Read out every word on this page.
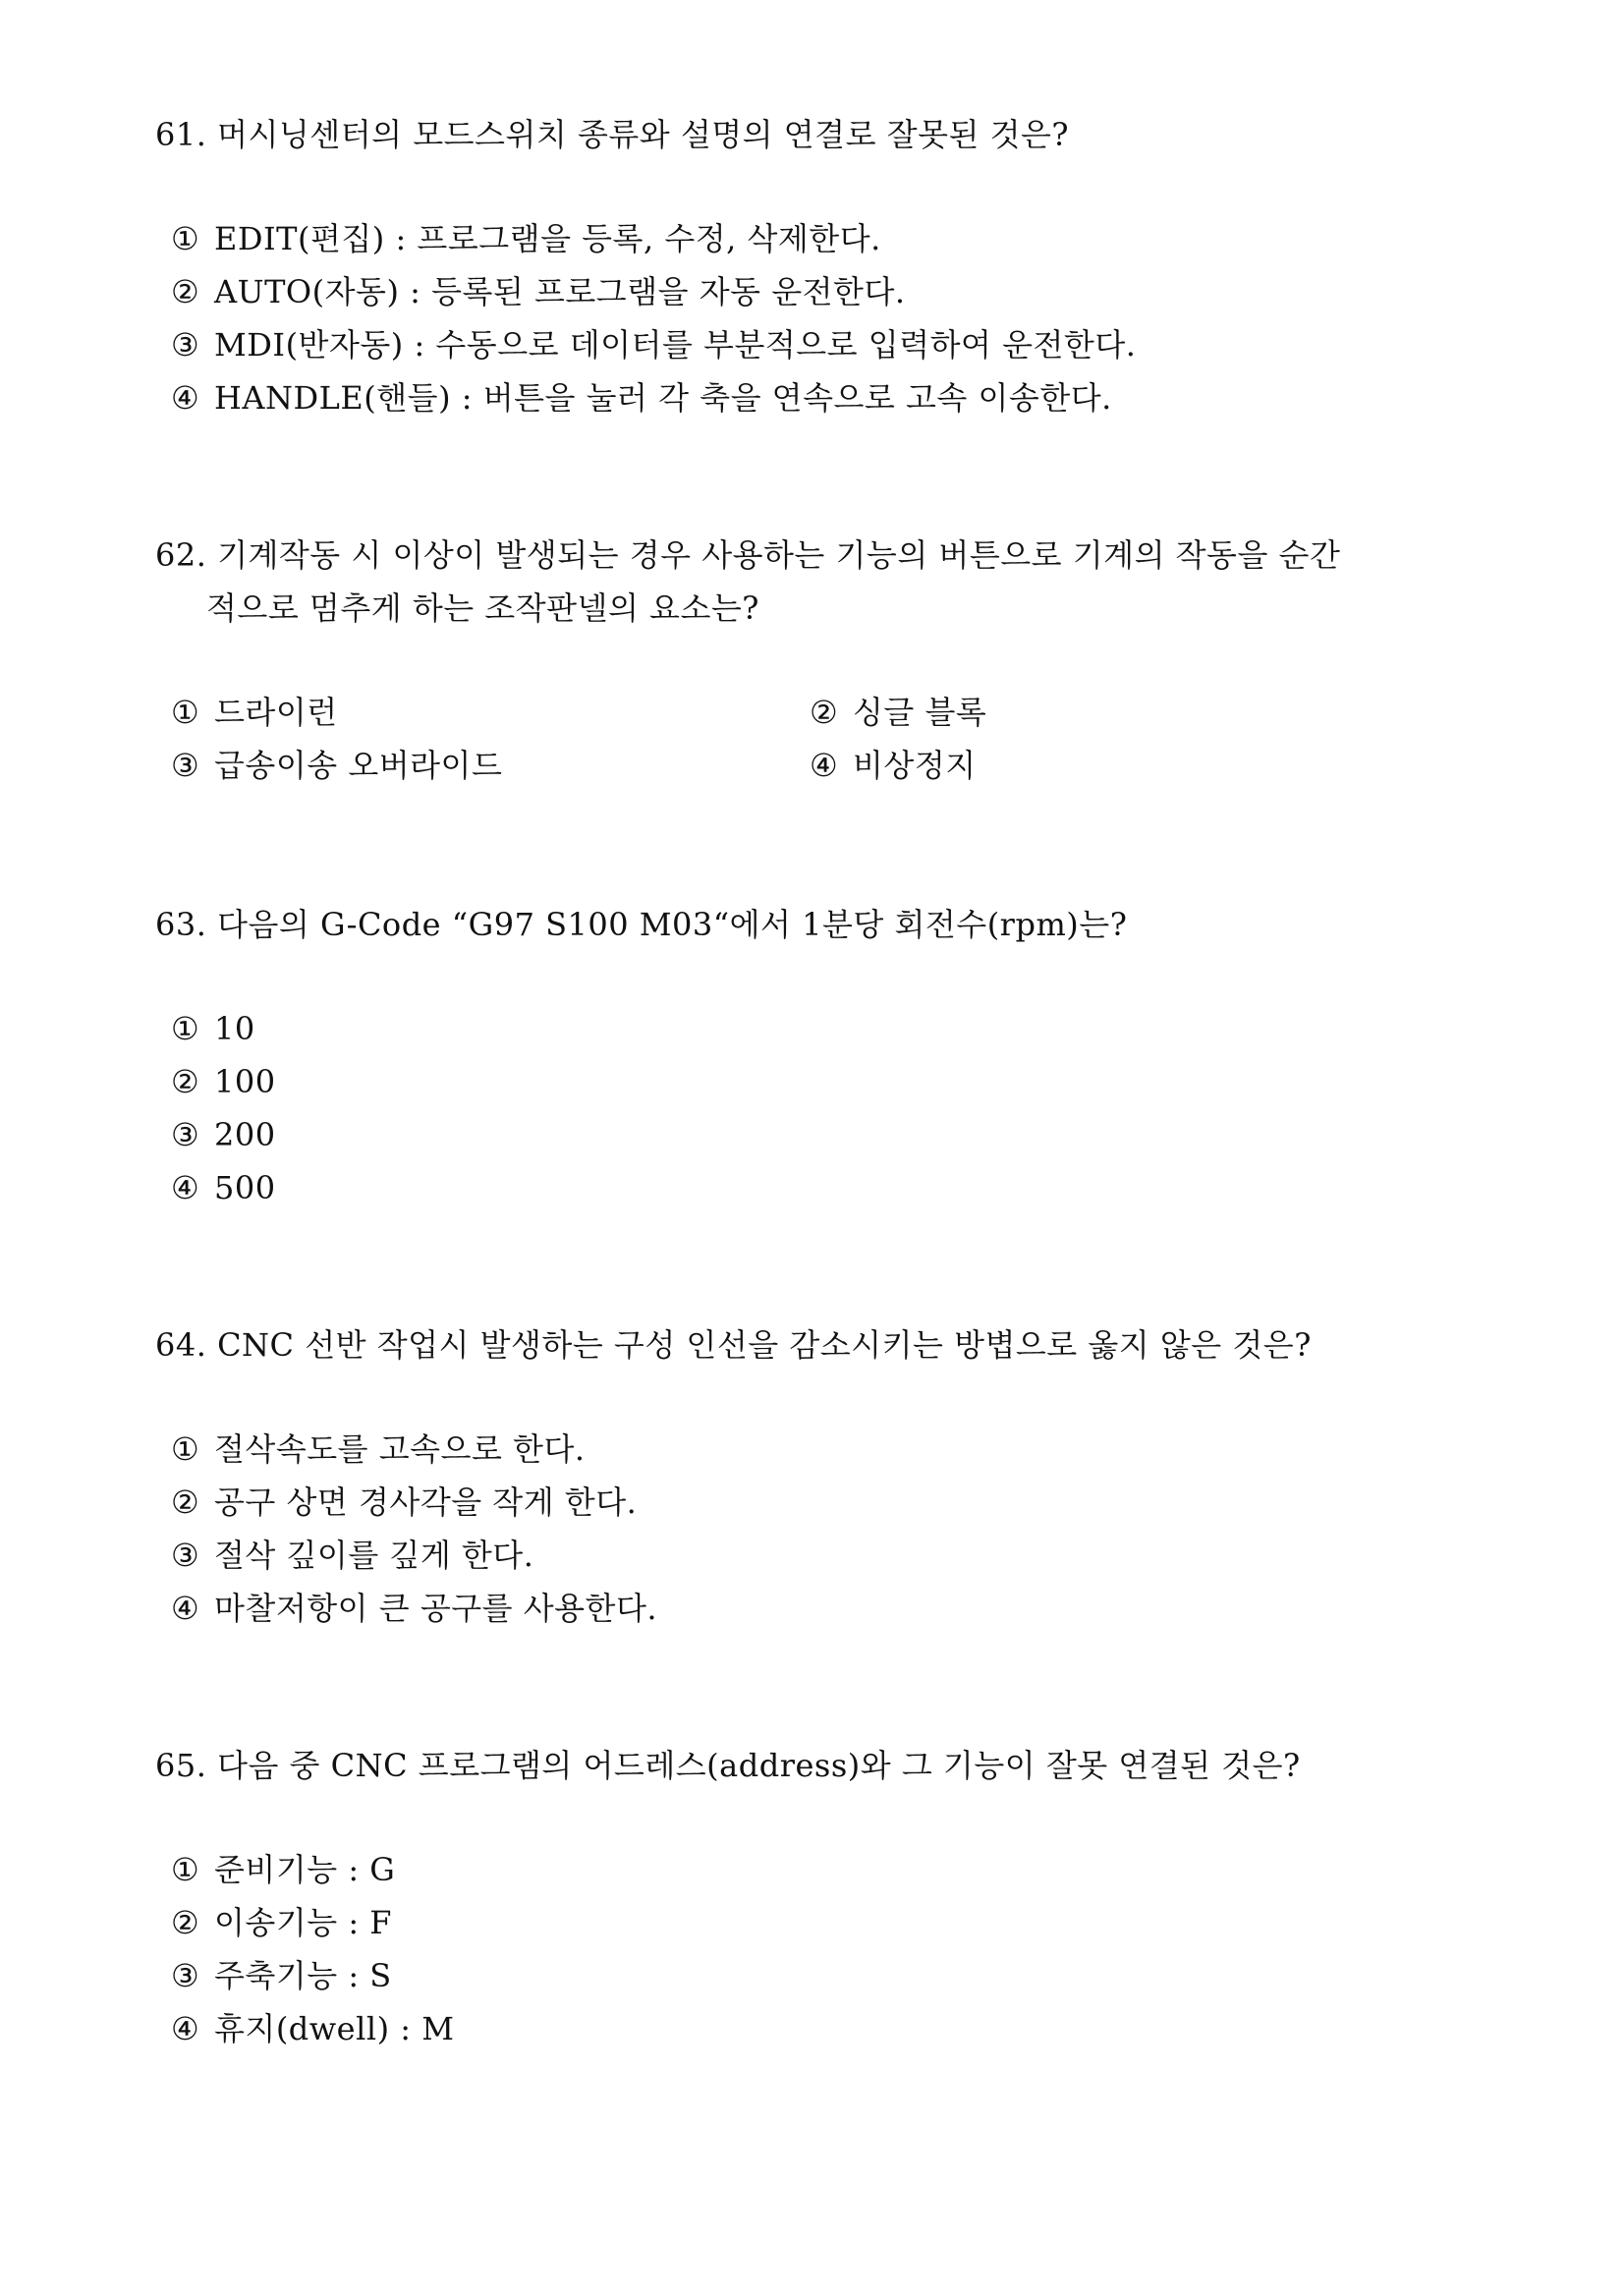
61. 머시닝센터의 모드스위치 종류와 설명의 연결로 잘못된 것은?

① EDIT(편집) : 프로그램을 등록, 수정, 삭제한다.
② AUTO(자동) : 등록된 프로그램을 자동 운전한다.
③ MDI(반자동) : 수동으로 데이터를 부분적으로 입력하여 운전한다.
④ HANDLE(핸들) : 버튼을 눌러 각 축을 연속으로 고속 이송한다.

62. 기계작동 시 이상이 발생되는 경우 사용하는 기능의 버튼으로 기계의 작동을 순간
적으로 멈추게 하는 조작판넬의 요소는?

① 드라이런	② 싱글 블록
③ 급송이송 오버라이드	④ 비상정지

63. 다음의 G-Code “G97 S100 M03“에서 1분당 회전수(rpm)는?

① 10
② 100
③ 200
④ 500

64. CNC 선반 작업시 발생하는 구성 인선을 감소시키는 방볍으로 옳지 않은 것은?

① 절삭속도를 고속으로 한다.
② 공구 상면 경사각을 작게 한다.
③ 절삭 깊이를 깊게 한다.
④ 마찰저항이 큰 공구를 사용한다.

65. 다음 중 CNC 프로그램의 어드레스(address)와 그 기능이 잘못 연결된 것은?

① 준비기능 : G
② 이송기능 : F
③ 주축기능 : S
④ 휴지(dwell) : M
